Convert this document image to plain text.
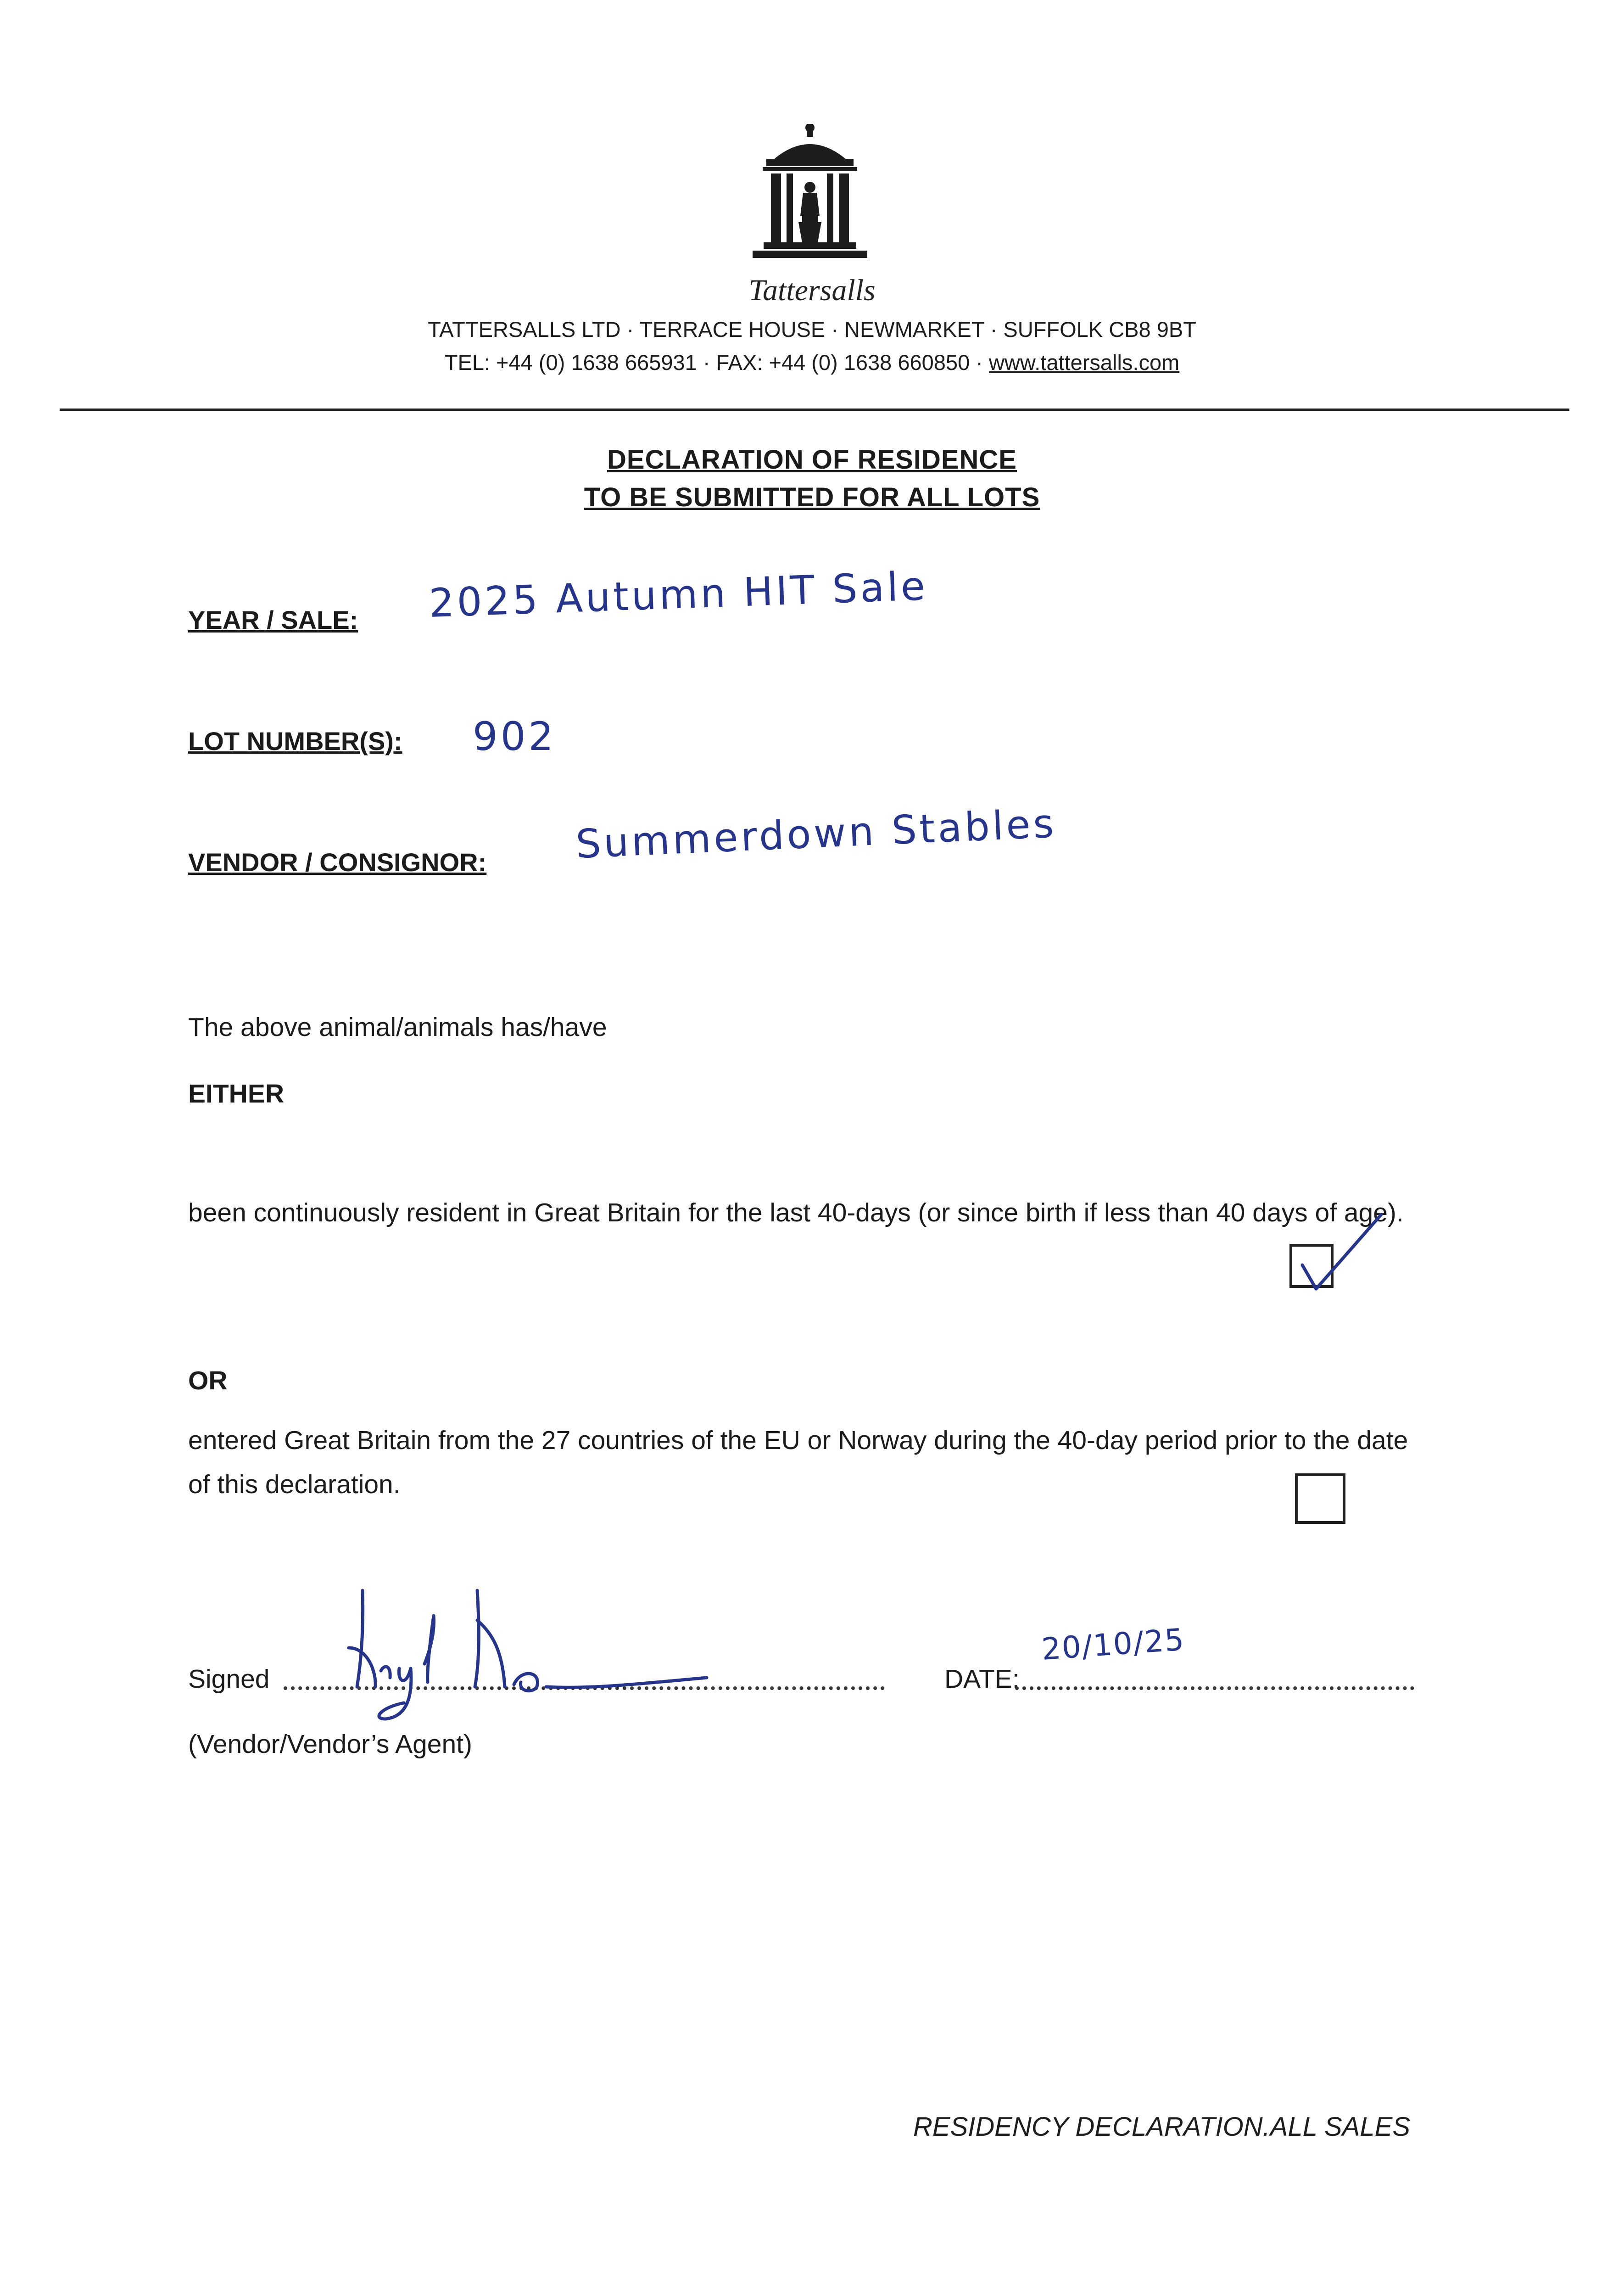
Tattersalls
TATTERSALLS LTD · TERRACE HOUSE · NEWMARKET · SUFFOLK CB8 9BT
TEL: +44 (0) 1638 665931 · FAX: +44 (0) 1638 660850 · www.tattersalls.com
DECLARATION OF RESIDENCE
TO BE SUBMITTED FOR ALL LOTS
YEAR / SALE: 2025 Autumn HIT Sale
LOT NUMBER(S): 902
VENDOR / CONSIGNOR: Summerdown Stables
The above animal/animals has/have
EITHER
been continuously resident in Great Britain for the last 40-days (or since birth if less than 40 days of age).
OR
entered Great Britain from the 27 countries of the EU or Norway during the 40-day period prior to the date of this declaration.
Signed
(Vendor/Vendor’s Agent)
DATE:
20/10/25
RESIDENCY DECLARATION.ALL SALES
